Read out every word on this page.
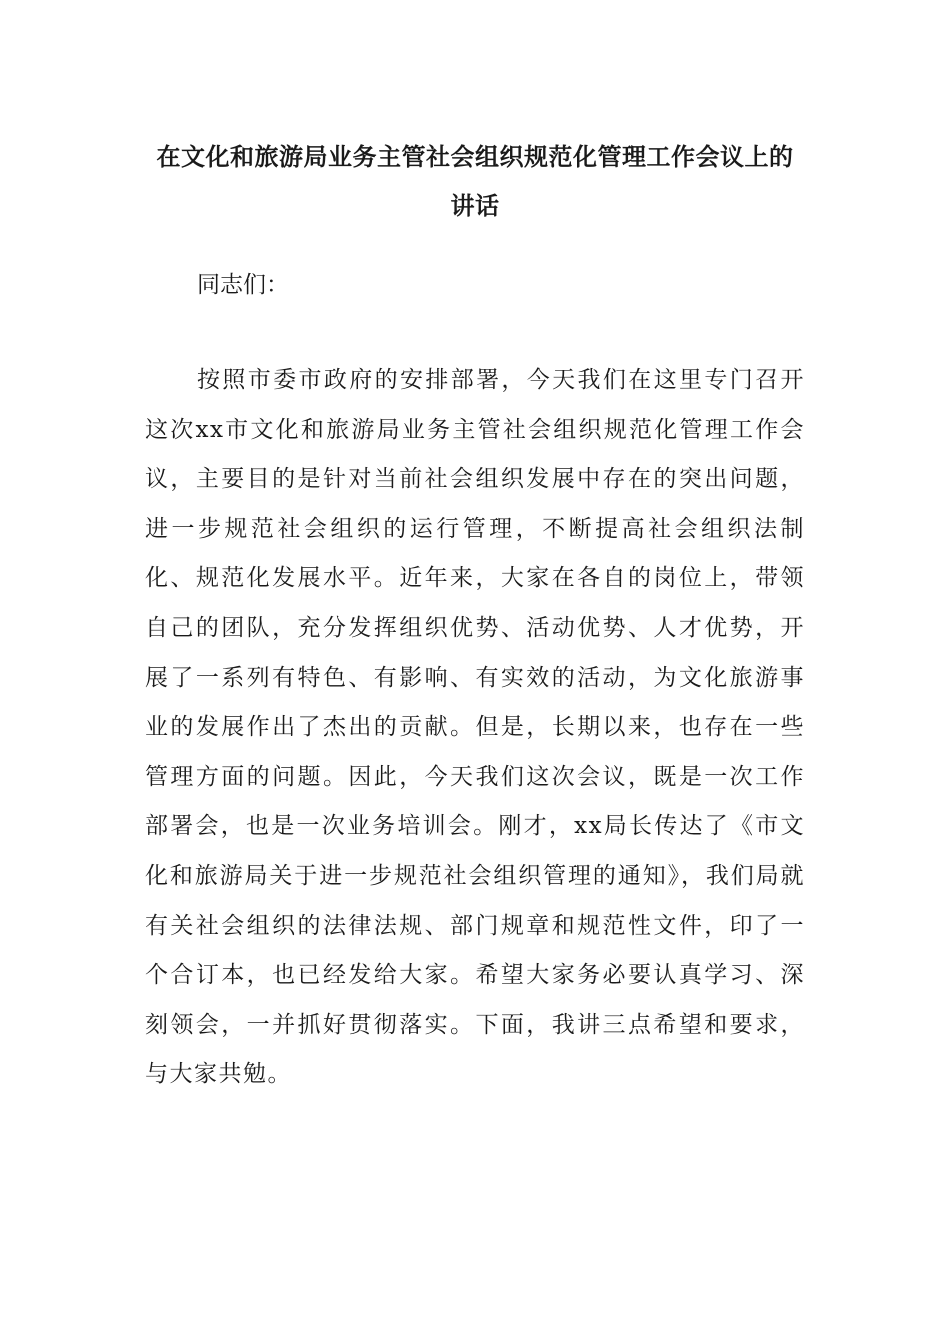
在文化和旅游局业务主管社会组织规范化管理工作会议上的讲话
同志们：

按照市委市政府的安排部署，今天我们在这里专门召开这次xx市文化和旅游局业务主管社会组织规范化管理工作会议，主要目的是针对当前社会组织发展中存在的突出问题，进一步规范社会组织的运行管理，不断提高社会组织法制化、规范化发展水平。近年来，大家在各自的岗位上，带领自己的团队，充分发挥组织优势、活动优势、人才优势，开展了一系列有特色、有影响、有实效的活动，为文化旅游事业的发展作出了杰出的贡献。但是，长期以来，也存在一些管理方面的问题。因此，今天我们这次会议，既是一次工作部署会，也是一次业务培训会。刚才，xx局长传达了《市文化和旅游局关于进一步规范社会组织管理的通知》，我们局就有关社会组织的法律法规、部门规章和规范性文件，印了一个合订本，也已经发给大家。希望大家务必要认真学习、深刻领会，一并抓好贯彻落实。下面，我讲三点希望和要求，与大家共勉。
